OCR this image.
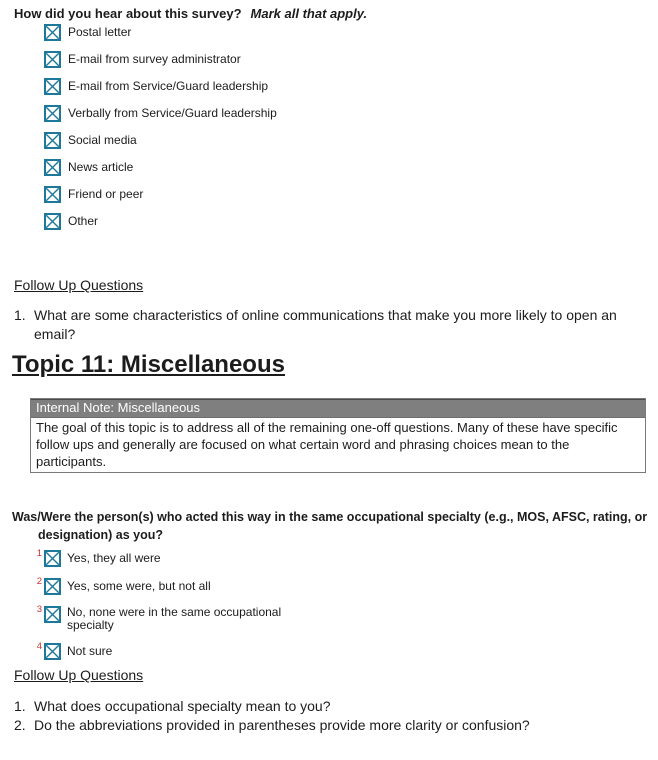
How did you hear about this survey? Mark all that apply.
Postal letter
E-mail from survey administrator
E-mail from Service/Guard leadership
Verbally from Service/Guard leadership
Social media
News article
Friend or peer
Other
Follow Up Questions
1. What are some characteristics of online communications that make you more likely to open an email?
Topic 11: Miscellaneous
Internal Note: Miscellaneous
The goal of this topic is to address all of the remaining one-off questions. Many of these have specific follow ups and generally are focused on what certain word and phrasing choices mean to the participants.
Was/Were the person(s) who acted this way in the same occupational specialty (e.g., MOS, AFSC, rating, or designation) as you?
1 Yes, they all were
2 Yes, some were, but not all
3 No, none were in the same occupational specialty
4 Not sure
Follow Up Questions
1. What does occupational specialty mean to you?
2. Do the abbreviations provided in parentheses provide more clarity or confusion?
